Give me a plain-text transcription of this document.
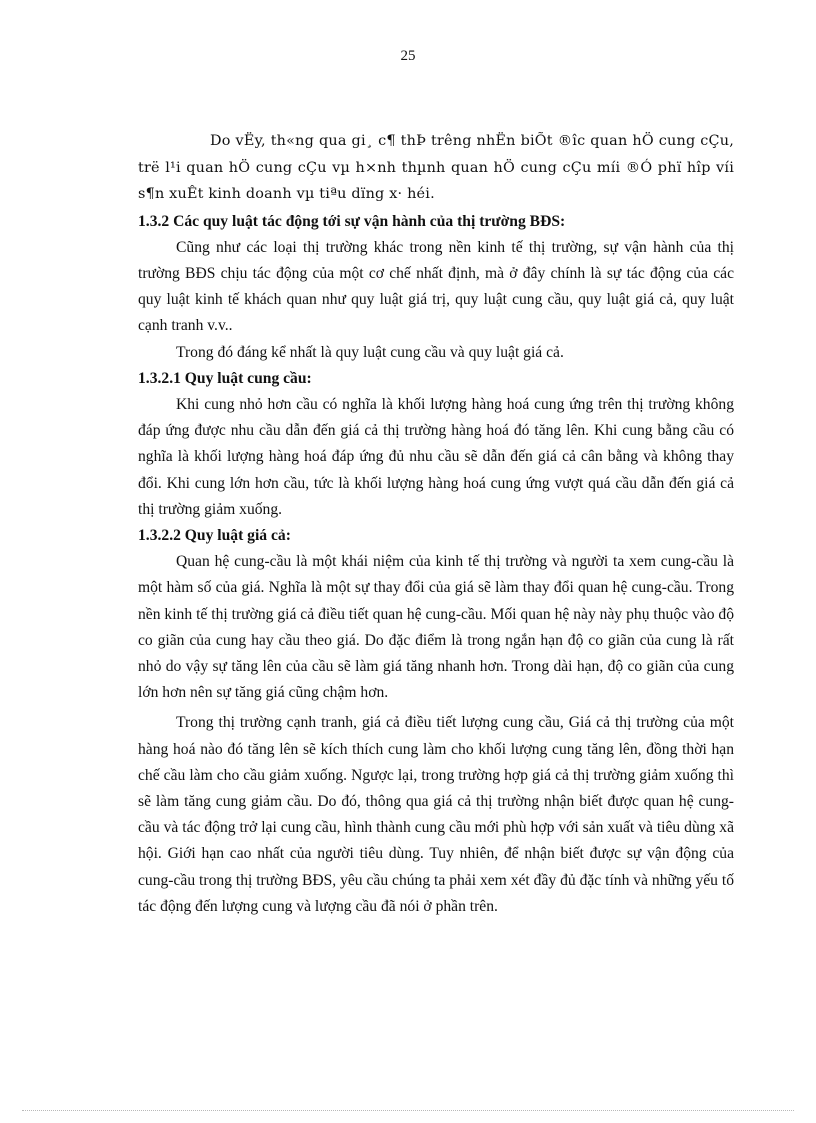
25

Do vËy, th«ng qua gi¸ c¶ thÞ trêng nhËn biÕt ®îc quan hÖ cung cÇu, trë l¹i quan hÖ cung cÇu vµ h×nh thµnh quan hÖ cung cÇu míi ®Ó phï hîp víi s¶n xuÊt kinh doanh vµ tiªu dïng x· héi.

1.3.2 Các quy luật tác động tới sự vận hành của thị trường BĐS:

Cũng như các loại thị trường khác trong nền kinh tế thị trường, sự vận hành của thị trường BĐS chịu tác động của một cơ chế nhất định, mà ở đây chính là sự tác động của các quy luật kinh tế khách quan như quy luật giá trị, quy luật cung cầu, quy luật giá cả, quy luật cạnh tranh v.v..

Trong đó đáng kể nhất là quy luật cung cầu và quy luật giá cả.

1.3.2.1 Quy luật cung cầu:

Khi cung nhỏ hơn cầu có nghĩa là khối lượng hàng hoá cung ứng trên thị trường không đáp ứng được nhu cầu dẫn đến giá cả thị trường hàng hoá đó tăng lên. Khi cung bằng cầu có nghĩa là khối lượng hàng hoá đáp ứng đủ nhu cầu sẽ dẫn đến giá cả cân bằng và không thay đổi. Khi cung lớn hơn cầu, tức là khối lượng hàng hoá cung ứng vượt quá cầu dẫn đến giá cả thị trường giảm xuống.

1.3.2.2 Quy luật giá cả:

Quan hệ cung-cầu là một khái niệm của kinh tế thị trường và người ta xem cung-cầu là một hàm số của giá. Nghĩa là một sự thay đổi của giá sẽ làm thay đổi quan hệ cung-cầu. Trong nền kinh tế thị trường giá cả điều tiết quan hệ cung-cầu. Mối quan hệ này này phụ thuộc vào độ co giãn của cung hay cầu theo giá. Do đặc điểm là trong ngắn hạn độ co giãn của cung là rất nhỏ do vậy sự tăng lên của cầu sẽ làm giá tăng nhanh hơn. Trong dài hạn, độ co giãn của cung lớn hơn nên sự tăng giá cũng chậm hơn.

Trong thị trường cạnh tranh, giá cả điều tiết lượng cung cầu, Giá cả thị trường của một hàng hoá nào đó tăng lên sẽ kích thích cung làm cho khối lượng cung tăng lên, đồng thời hạn chế cầu làm cho cầu giảm xuống. Ngược lại, trong trường hợp giá cả thị trường giảm xuống thì sẽ làm tăng cung giảm cầu. Do đó, thông qua giá cả thị trường nhận biết được quan hệ cung-cầu và tác động trở lại cung cầu, hình thành cung cầu mới phù hợp với sản xuất và tiêu dùng xã hội. Giới hạn cao nhất của người tiêu dùng. Tuy nhiên, để nhận biết được sự vận động của cung-cầu trong thị trường BĐS, yêu cầu chúng ta phải xem xét đầy đủ đặc tính và những yếu tố tác động đến lượng cung và lượng cầu đã nói ở phần trên.
